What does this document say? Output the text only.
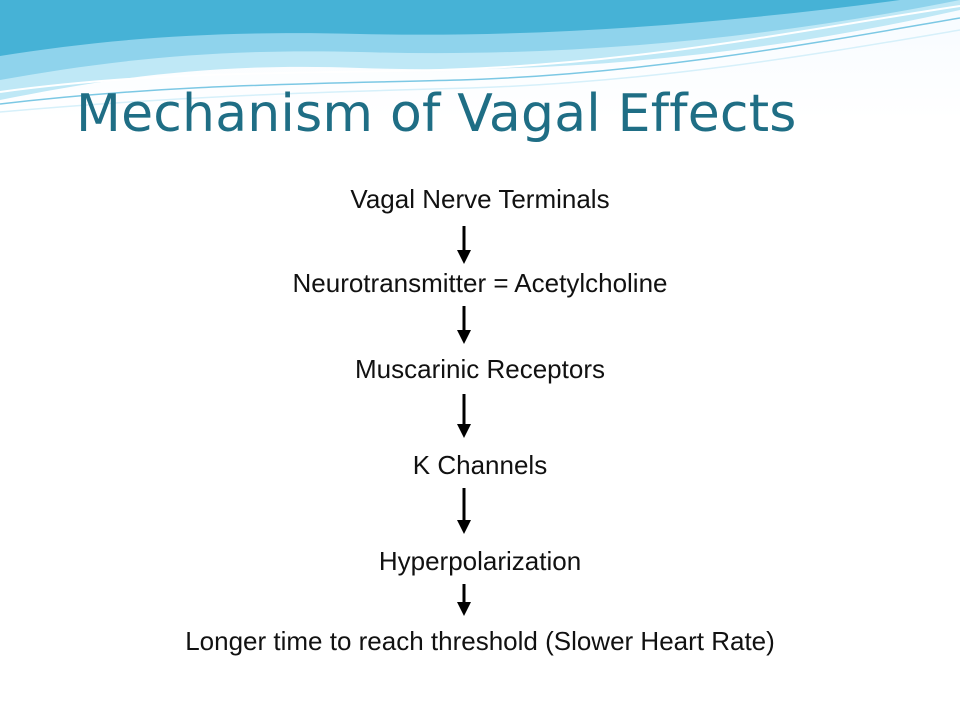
Mechanism of Vagal Effects
Vagal Nerve Terminals
Neurotransmitter = Acetylcholine
Muscarinic Receptors
K Channels
Hyperpolarization
Longer time to reach threshold (Slower Heart Rate)
